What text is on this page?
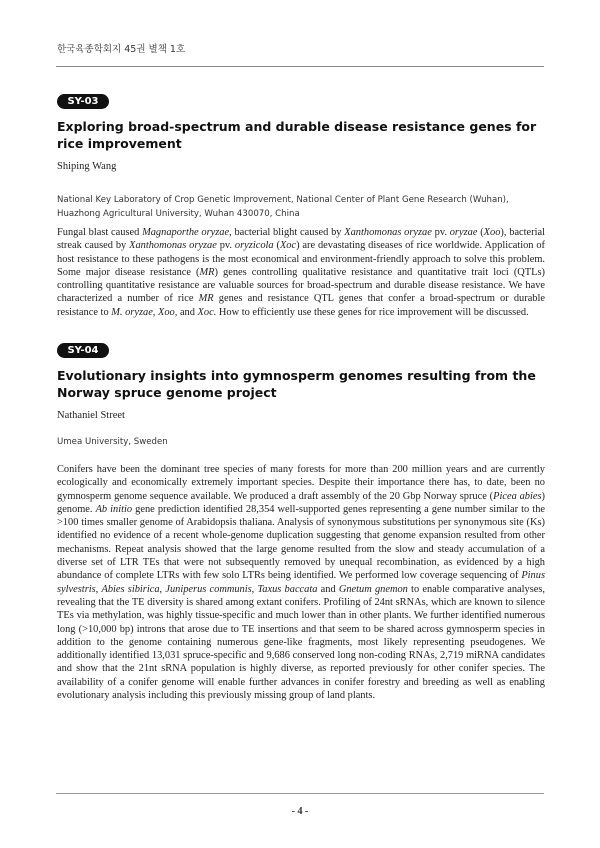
한국육종학회지 45권 별책 1호
SY-03
Exploring broad-spectrum and durable disease resistance genes for rice improvement
Shiping Wang
National Key Laboratory of Crop Genetic Improvement, National Center of Plant Gene Research (Wuhan), Huazhong Agricultural University, Wuhan 430070, China

Fungal blast caused Magnaporthe oryzae, bacterial blight caused by Xanthomonas oryzae pv. oryzae (Xoo), bacterial streak caused by Xanthomonas oryzae pv. oryzicola (Xoc) are devastating diseases of rice worldwide. Application of host resistance to these pathogens is the most economical and environment-friendly approach to solve this problem. Some major disease resistance (MR) genes controlling qualitative resistance and quantitative trait loci (QTLs) controlling quantitative resistance are valuable sources for broad-spectrum and durable disease resistance. We have characterized a number of rice MR genes and resistance QTL genes that confer a broad-spectrum or durable resistance to M. oryzae, Xoo, and Xoc. How to efficiently use these genes for rice improvement will be discussed.

SY-04
Evolutionary insights into gymnosperm genomes resulting from the Norway spruce genome project
Nathaniel Street
Umea University, Sweden

Conifers have been the dominant tree species of many forests for more than 200 million years and are currently ecologically and economically extremely important species. Despite their importance there has, to date, been no gymnosperm genome sequence available. We produced a draft assembly of the 20 Gbp Norway spruce (Picea abies) genome. Ab initio gene prediction identified 28,354 well-supported genes representing a gene number similar to the >100 times smaller genome of Arabidopsis thaliana. Analysis of synonymous substitutions per synonymous site (Ks) identified no evidence of a recent whole-genome duplication suggesting that genome expansion resulted from other mechanisms. Repeat analysis showed that the large genome resulted from the slow and steady accumulation of a diverse set of LTR TEs that were not subsequently removed by unequal recombination, as evidenced by a high abundance of complete LTRs with few solo LTRs being identified. We performed low coverage sequencing of Pinus sylvestris, Abies sibirica, Juniperus communis, Taxus baccata and Gnetum gnemon to enable comparative analyses, revealing that the TE diversity is shared among extant conifers. Profiling of 24nt sRNAs, which are known to silence TEs via methylation, was highly tissue-specific and much lower than in other plants. We further identified numerous long (>10,000 bp) introns that arose due to TE insertions and that seem to be shared across gymnosperm species in addition to the genome containing numerous gene-like fragments, most likely representing pseudogenes. We additionally identified 13,031 spruce-specific and 9,686 conserved long non-coding RNAs, 2,719 miRNA candidates and show that the 21nt sRNA population is highly diverse, as reported previously for other conifer species. The availability of a conifer genome will enable further advances in conifer forestry and breeding as well as enabling evolutionary analysis including this previously missing group of land plants.

- 4 -
